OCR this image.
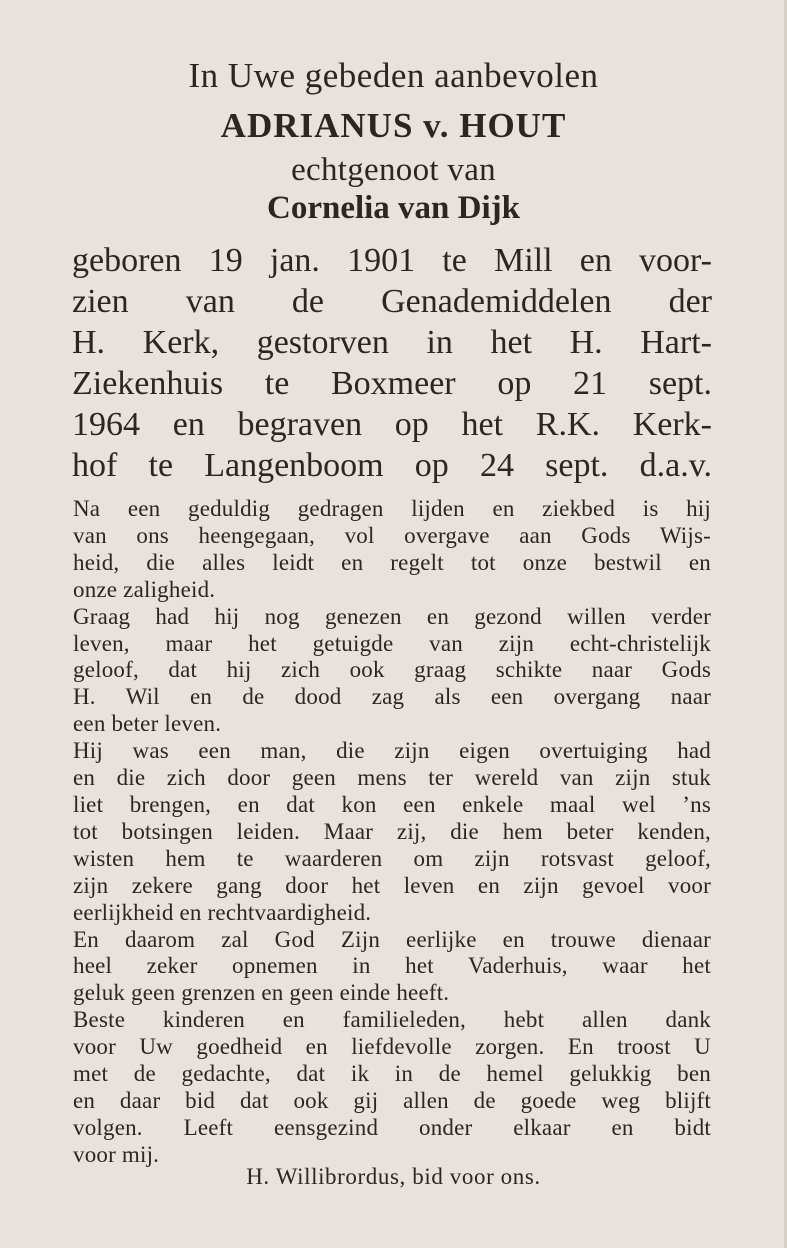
In Uwe gebeden aanbevolen
ADRIANUS v. HOUT
echtgenoot van
Cornelia van Dijk
geboren 19 jan. 1901 te Mill en voor-
zien van de Genademiddelen der
H. Kerk, gestorven in het H. Hart-
Ziekenhuis te Boxmeer op 21 sept.
1964 en begraven op het R.K. Kerk-
hof te Langenboom op 24 sept. d.a.v.
Na een geduldig gedragen lijden en ziekbed is hij
van ons heengegaan, vol overgave aan Gods Wijs-
heid, die alles leidt en regelt tot onze bestwil en
onze zaligheid.
Graag had hij nog genezen en gezond willen verder
leven, maar het getuigde van zijn echt-christelijk
geloof, dat hij zich ook graag schikte naar Gods
H. Wil en de dood zag als een overgang naar
een beter leven.
Hij was een man, die zijn eigen overtuiging had
en die zich door geen mens ter wereld van zijn stuk
liet brengen, en dat kon een enkele maal wel ’ns
tot botsingen leiden. Maar zij, die hem beter kenden,
wisten hem te waarderen om zijn rotsvast geloof,
zijn zekere gang door het leven en zijn gevoel voor
eerlijkheid en rechtvaardigheid.
En daarom zal God Zijn eerlijke en trouwe dienaar
heel zeker opnemen in het Vaderhuis, waar het
geluk geen grenzen en geen einde heeft.
Beste kinderen en familieleden, hebt allen dank
voor Uw goedheid en liefdevolle zorgen. En troost U
met de gedachte, dat ik in de hemel gelukkig ben
en daar bid dat ook gij allen de goede weg blijft
volgen. Leeft eensgezind onder elkaar en bidt
voor mij.
H. Willibrordus, bid voor ons.
